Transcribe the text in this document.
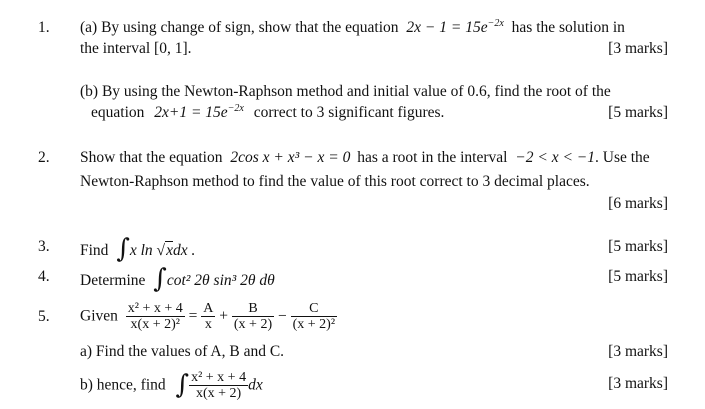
1. (a) By using change of sign, show that the equation $2x - 1 = 15e^{-2x}$ has the solution in
the interval [0, 1].	[3 marks]
(b) By using the Newton-Raphson method and initial value of 0.6, find the root of the
equation $2x+1 = 15e^{-2x}$ correct to 3 significant figures.	[5 marks]
2. Show that the equation 2cos x + x³ − x = 0 has a root in the interval −2 < x < −1. Use the
Newton-Raphson method to find the value of this root correct to 3 decimal places.
[6 marks]
3. Find ∫x ln √xdx .	[5 marks]
4. Determine ∫cot² 2θ sin³ 2θ dθ	[5 marks]
5. Given $\frac{\text{x² + x + 4}}{\text{x(x + 2)²}} = \frac{A}{x} + \frac{B}{(x + 2)} - \frac{C}{\text{(x + 2)²}}$
a) Find the values of A, B and C.	[3 marks]
b) hence, find ∫ $\frac{\text{x² + x + 4}}{x(x + 2)}$ dx	[3 marks]
